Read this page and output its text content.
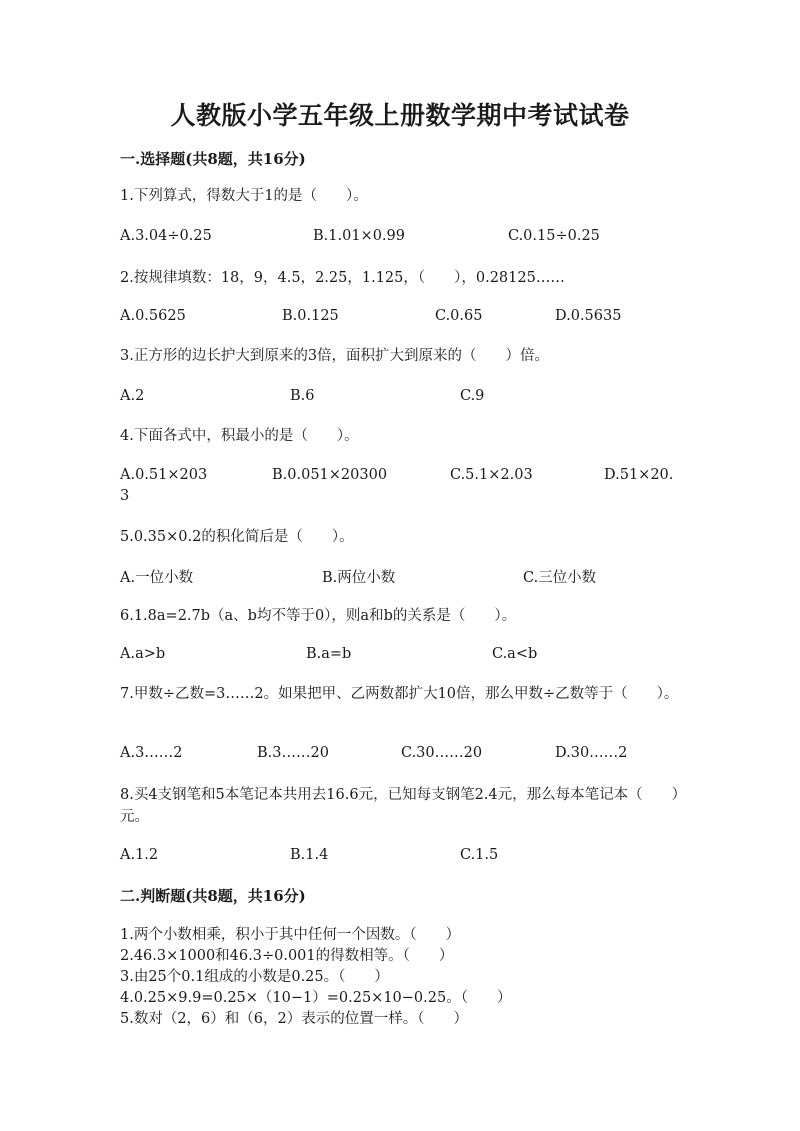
人教版小学五年级上册数学期中考试试卷
一.选择题(共8题，共16分)
1.下列算式，得数大于1的是（　　）。
A.3.04÷0.25	B.1.01×0.99	C.0.15÷0.25
2.按规律填数：18，9，4.5，2.25，1.125，（　　），0.28125……
A.0.5625	B.0.125	C.0.65	D.0.5635
3.正方形的边长护大到原来的3倍，面积扩大到原来的（　　）倍。
A.2	B.6	C.9
4.下面各式中，积最小的是（　　）。
A.0.51×203	B.0.051×20300	C.5.1×2.03	D.51×20.
3
5.0.35×0.2的积化简后是（　　）。
A.一位小数	B.两位小数	C.三位小数
6.1.8a=2.7b（a、b均不等于0），则a和b的关系是（　　）。
A.a>b	B.a=b	C.a<b
7.甲数÷乙数=3……2。如果把甲、乙两数都扩大10倍，那么甲数÷乙数等于（　　）。
A.3……2	B.3……20	C.30……20	D.30……2
8.买4支钢笔和5本笔记本共用去16.6元，已知每支钢笔2.4元，那么每本笔记本（　　）元。
A.1.2	B.1.4	C.1.5
二.判断题(共8题，共16分)
1.两个小数相乘，积小于其中任何一个因数。（　　）
2.46.3×1000和46.3÷0.001的得数相等。（　　）
3.由25个0.1组成的小数是0.25。（　　）
4.0.25×9.9=0.25×（10−1）=0.25×10−0.25。（　　）
5.数对（2，6）和（6，2）表示的位置一样。（　　）
